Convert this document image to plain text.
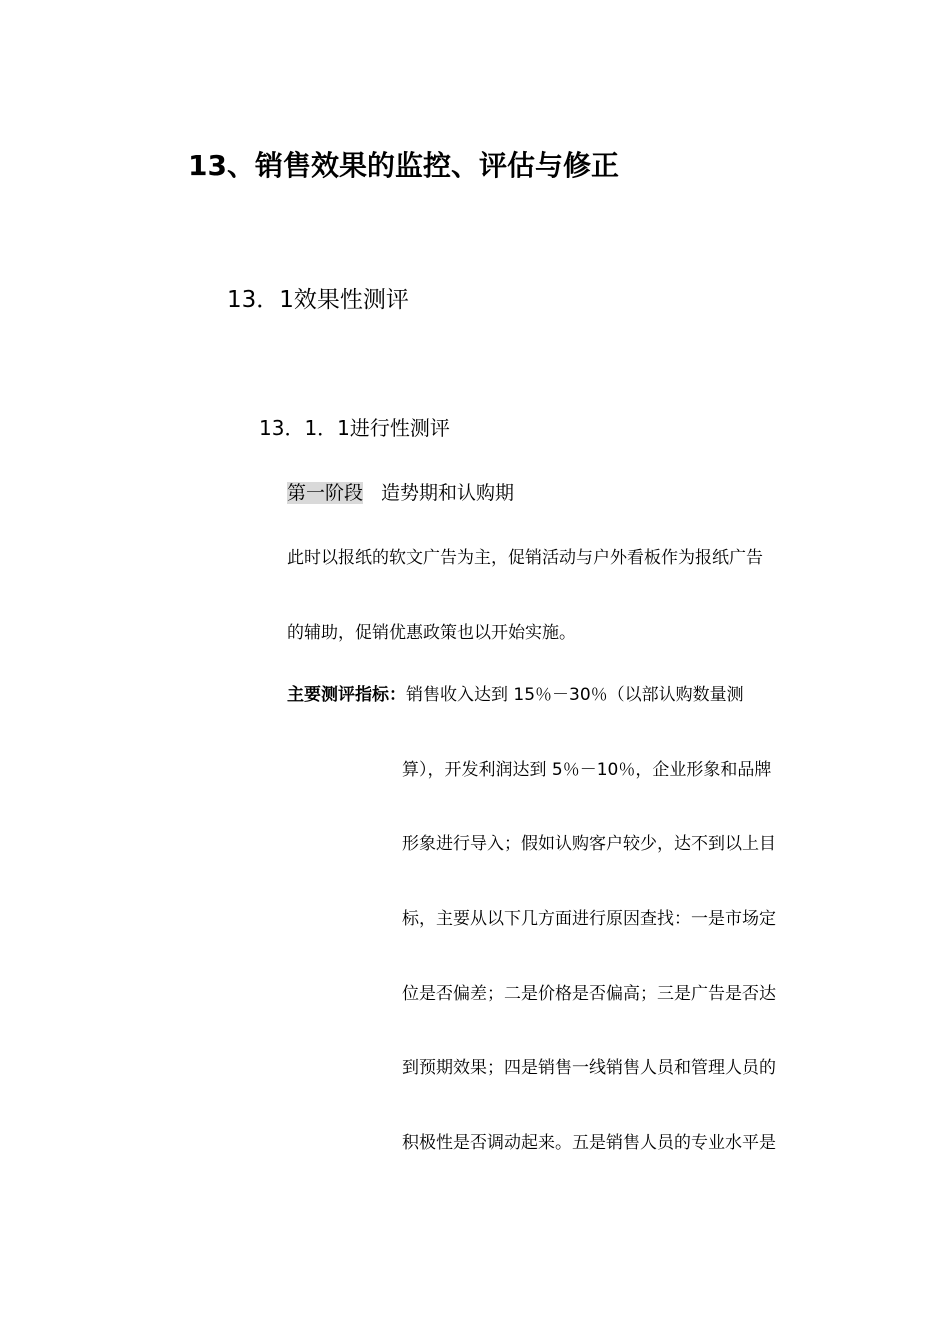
13、销售效果的监控、评估与修正
13．1效果性测评
13．1．1进行性测评
第一阶段 造势期和认购期
此时以报纸的软文广告为主，促销活动与户外看板作为报纸广告
的辅助，促销优惠政策也以开始实施。
主要测评指标：销售收入达到 15％－30％（以部认购数量测
算），开发利润达到 5％－10％，企业形象和品牌
形象进行导入；假如认购客户较少，达不到以上目
标，主要从以下几方面进行原因查找：一是市场定
位是否偏差；二是价格是否偏高；三是广告是否达
到预期效果；四是销售一线销售人员和管理人员的
积极性是否调动起来。五是销售人员的专业水平是
